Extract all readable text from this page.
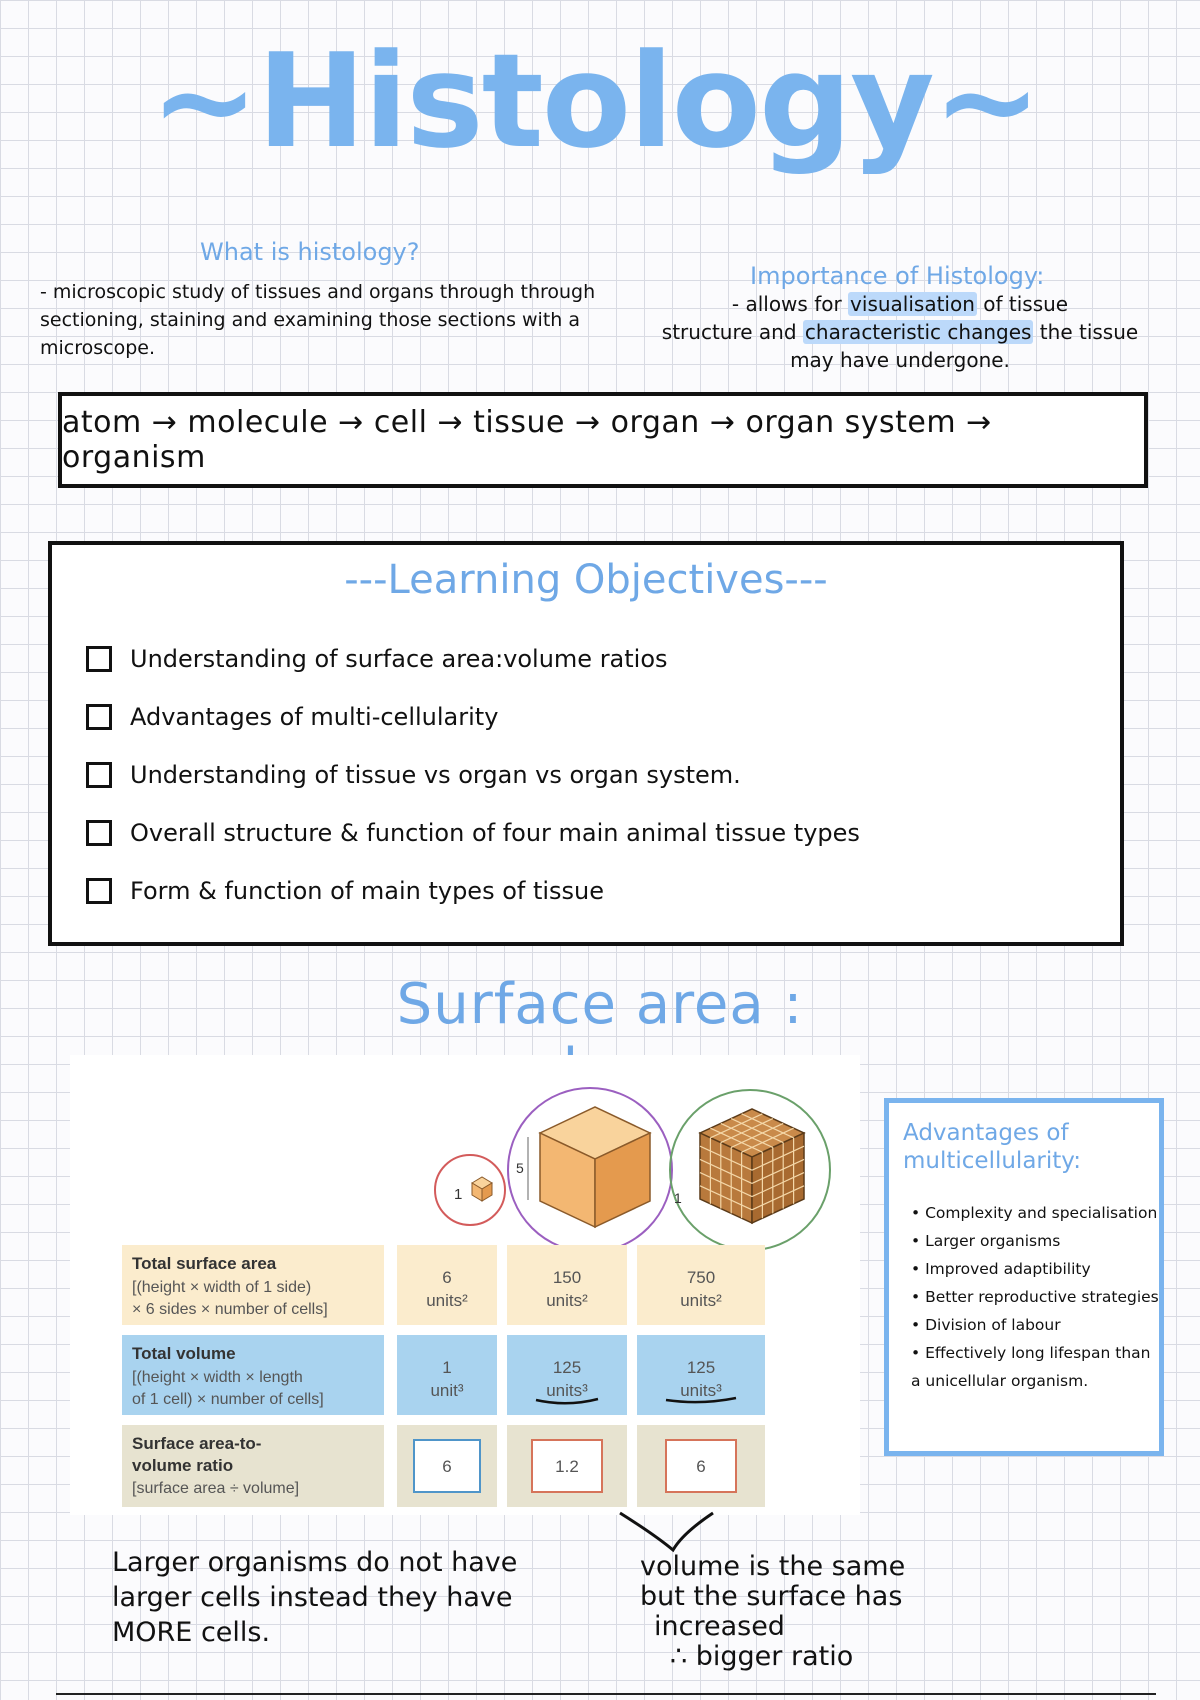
~Histology~
What is histology?
- microscopic study of tissues and organs through through sectioning, staining and examining those sections with a microscope.
Importance of Histology:
- allows for visualisation of tissue
structure and characteristic changes the tissue
may have undergone.
atom → molecule → cell → tissue → organ → organ system → organism
---Learning Objectives---
Understanding of surface area:volume ratios
Advantages of multi-cellularity
Understanding of tissue vs organ vs organ system.
Overall structure & function of four main animal tissue types
Form & function of main types of tissue
Surface area :
1
5
1
Total surface area
[(height × width of 1 side)
× 6 sides × number of cells]
6
units²
150
units²
750
units²
Total volume
[(height × width × length
of 1 cell) × number of cells]
1
unit³
125
units³
125
units³
Surface area-to-
volume ratio
[surface area ÷ volume]
6	1.2	6
Advantages of multicellularity:
• Complexity and specialisation
• Larger organisms
• Improved adaptibility
• Better reproductive strategies
• Division of labour
• Effectively long lifespan than a unicellular organism.
Larger organisms do not have larger cells instead they have MORE cells.
volume is the same
but the surface has
increased
∴ bigger ratio
